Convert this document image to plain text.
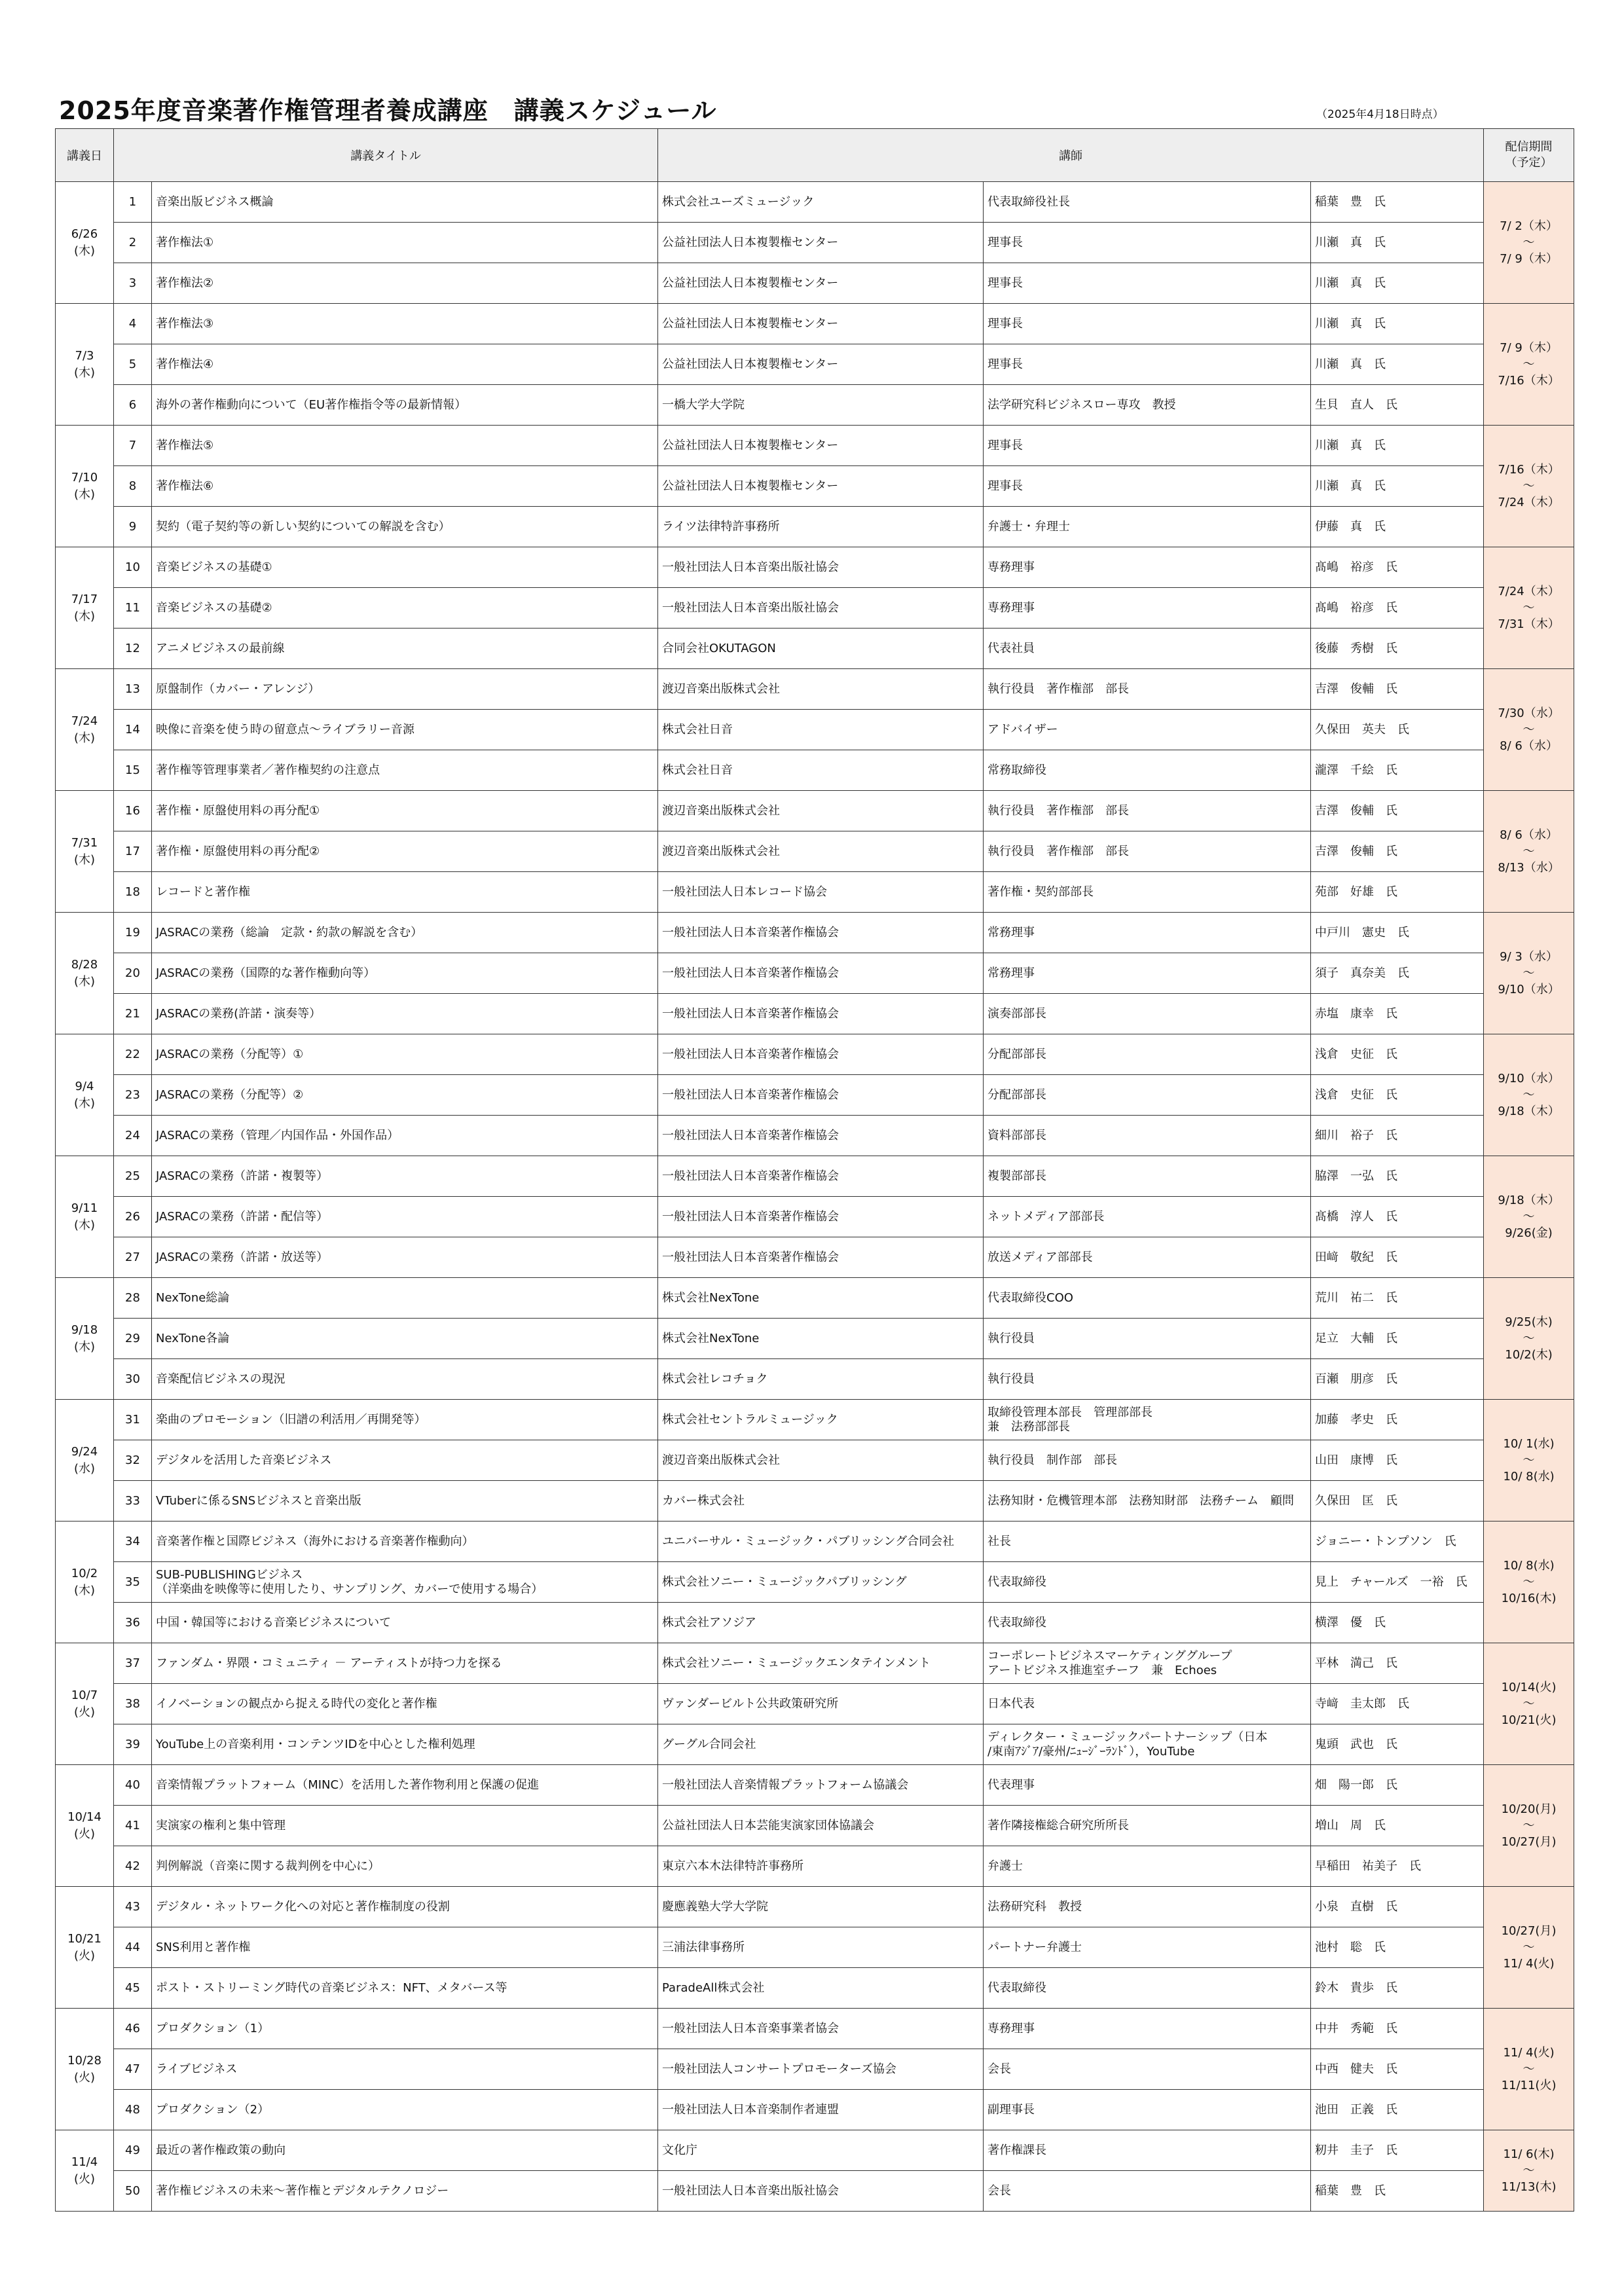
2025年度音楽著作権管理者養成講座　講義スケジュール	（2025年4月18日時点）
講義日	講義タイトル		講師			配信期間
（予定）

6/26
(木)	1	音楽出版ビジネス概論	株式会社ユーズミュージック	代表取締役社長	稲葉　豊　氏	7/ 2（木）
～
7/ 9（木）

	2	著作権法①	公益社団法人日本複製権センター	理事長	川瀬　真　氏	
	3	著作権法②	公益社団法人日本複製権センター	理事長	川瀬　真　氏	

7/3
(木)	4	著作権法③	公益社団法人日本複製権センター	理事長	川瀬　真　氏	7/ 9（木）
～
7/16（木）

	5	著作権法④	公益社団法人日本複製権センター	理事長	川瀬　真　氏	
	6	海外の著作権動向について（EU著作権指令等の最新情報）	一橋大学大学院	法学研究科ビジネスロー専攻　教授	生貝　直人　氏	

7/10
(木)	7	著作権法⑤	公益社団法人日本複製権センター	理事長	川瀬　真　氏	7/16（木）
～
7/24（木）

	8	著作権法⑥	公益社団法人日本複製権センター	理事長	川瀬　真　氏	
	9	契約（電子契約等の新しい契約についての解説を含む）	ライツ法律特許事務所	弁護士・弁理士	伊藤　真　氏	

7/17
(木)	10	音楽ビジネスの基礎①	一般社団法人日本音楽出版社協会	専務理事	髙嶋　裕彦　氏	7/24（木）
～
7/31（木）

	11	音楽ビジネスの基礎②	一般社団法人日本音楽出版社協会	専務理事	髙嶋　裕彦　氏	
	12	アニメビジネスの最前線	合同会社OKUTAGON	代表社員	後藤　秀樹　氏	

7/24
(木)	13	原盤制作（カバー・アレンジ）	渡辺音楽出版株式会社	執行役員　著作権部　部長	吉澤　俊輔　氏	7/30（水）
～
8/ 6（水）

	14	映像に音楽を使う時の留意点～ライブラリー音源	株式会社日音	アドバイザー	久保田　英夫　氏	
	15	著作権等管理事業者／著作権契約の注意点	株式会社日音	常務取締役	瀧澤　千絵　氏	

7/31
(木)	16	著作権・原盤使用料の再分配①	渡辺音楽出版株式会社	執行役員　著作権部　部長	吉澤　俊輔　氏	8/ 6（水）
～
8/13（水）

	17	著作権・原盤使用料の再分配②	渡辺音楽出版株式会社	執行役員　著作権部　部長	吉澤　俊輔　氏	
	18	レコードと著作権	一般社団法人日本レコード協会	著作権・契約部部長	苑部　好雄　氏	

8/28
(木)	19	JASRACの業務（総論　定款・約款の解説を含む）	一般社団法人日本音楽著作権協会	常務理事	中戸川　憲史　氏	9/ 3（水）
～
9/10（水）

	20	JASRACの業務（国際的な著作権動向等）	一般社団法人日本音楽著作権協会	常務理事	須子　真奈美　氏	
	21	JASRACの業務(許諾・演奏等）	一般社団法人日本音楽著作権協会	演奏部部長	赤塩　康幸　氏	

9/4
(木)	22	JASRACの業務（分配等）①	一般社団法人日本音楽著作権協会	分配部部長	浅倉　史征　氏	9/10（水）
～
9/18（木）

	23	JASRACの業務（分配等）②	一般社団法人日本音楽著作権協会	分配部部長	浅倉　史征　氏	
	24	JASRACの業務（管理／内国作品・外国作品）	一般社団法人日本音楽著作権協会	資料部部長	細川　裕子　氏	

9/11
(木)	25	JASRACの業務（許諾・複製等）	一般社団法人日本音楽著作権協会	複製部部長	脇澤　一弘　氏	9/18（木）
～
9/26(金)

	26	JASRACの業務（許諾・配信等）	一般社団法人日本音楽著作権協会	ネットメディア部部長	髙橋　淳人　氏	
	27	JASRACの業務（許諾・放送等）	一般社団法人日本音楽著作権協会	放送メディア部部長	田﨑　敬紀　氏	

9/18
(木)	28	NexTone総論	株式会社NexTone	代表取締役COO	荒川　祐二　氏	9/25(木)
～
10/2(木)

	29	NexTone各論	株式会社NexTone	執行役員	足立　大輔　氏	
	30	音楽配信ビジネスの現況	株式会社レコチョク	執行役員	百瀬　朋彦　氏	

9/24
(水)	31	楽曲のプロモーション（旧譜の利活用／再開発等）	株式会社セントラルミュージック	取締役管理本部長　管理部部長
兼　法務部部長	加藤　孝史　氏	10/ 1(水)
～
10/ 8(水)

	32	デジタルを活用した音楽ビジネス	渡辺音楽出版株式会社	執行役員　制作部　部長	山田　康博　氏	
	33	VTuberに係るSNSビジネスと音楽出版	カバー株式会社	法務知財・危機管理本部　法務知財部　法務チーム　顧問	久保田　匡　氏	

10/2
(木)	34	音楽著作権と国際ビジネス（海外における音楽著作権動向）	ユニバーサル・ミュージック・パブリッシング合同会社	社長	ジョニー・トンプソン　氏	10/ 8(水)
～
10/16(木)

	35	SUB-PUBLISHINGビジネス
（洋楽曲を映像等に使用したり、サンプリング、カバーで使用する場合）	株式会社ソニー・ミュージックパブリッシング	代表取締役	見上　チャールズ　一裕　氏	
	36	中国・韓国等における音楽ビジネスについて	株式会社アソジア	代表取締役	横澤　優　氏	

10/7
(火)	37	ファンダム・界隈・コミュニティ － アーティストが持つ力を探る	株式会社ソニー・ミュージックエンタテインメント	コーポレートビジネスマーケティンググループ
アートビジネス推進室チーフ　兼　Echoes	平林　満己　氏	10/14(火)
～
10/21(火)

	38	イノベーションの観点から捉える時代の変化と著作権	ヴァンダービルト公共政策研究所	日本代表	寺﨑　圭太郎　氏	
	39	YouTube上の音楽利用・コンテンツIDを中心とした権利処理	グーグル合同会社	ディレクター・ミュージックパートナーシップ（日本
/東南ｱｼﾞｱ/豪州/ﾆｭｰｼﾞｰﾗﾝﾄﾞ），YouTube	鬼頭　武也　氏	

10/14
(火)	40	音楽情報プラットフォーム（MINC）を活用した著作物利用と保護の促進	一般社団法人音楽情報プラットフォーム協議会	代表理事	畑　陽一郎　氏	10/20(月)
～
10/27(月)

	41	実演家の権利と集中管理	公益社団法人日本芸能実演家団体協議会	著作隣接権総合研究所所長	増山　周　氏	
	42	判例解説（音楽に関する裁判例を中心に）	東京六本木法律特許事務所	弁護士	早稲田　祐美子　氏	

10/21
(火)	43	デジタル・ネットワーク化への対応と著作権制度の役割	慶應義塾大学大学院	法務研究科　教授	小泉　直樹　氏	10/27(月)
～
11/ 4(火)

	44	SNS利用と著作権	三浦法律事務所	パートナー弁護士	池村　聡　氏	
	45	ポスト・ストリーミング時代の音楽ビジネス：NFT、メタバース等	ParadeAll株式会社	代表取締役	鈴木　貴歩　氏	

10/28
(火)	46	プロダクション（1）	一般社団法人日本音楽事業者協会	専務理事	中井　秀範　氏	11/ 4(火)
～
11/11(火)

	47	ライブビジネス	一般社団法人コンサートプロモーターズ協会	会長	中西　健夫　氏	
	48	プロダクション（2）	一般社団法人日本音楽制作者連盟	副理事長	池田　正義　氏	

11/4
(火)	49	最近の著作権政策の動向	文化庁	著作権課長	籾井　圭子　氏	11/ 6(木)
～
11/13(木)

	50	著作権ビジネスの未来～著作権とデジタルテクノロジー	一般社団法人日本音楽出版社協会	会長	稲葉　豊　氏	
